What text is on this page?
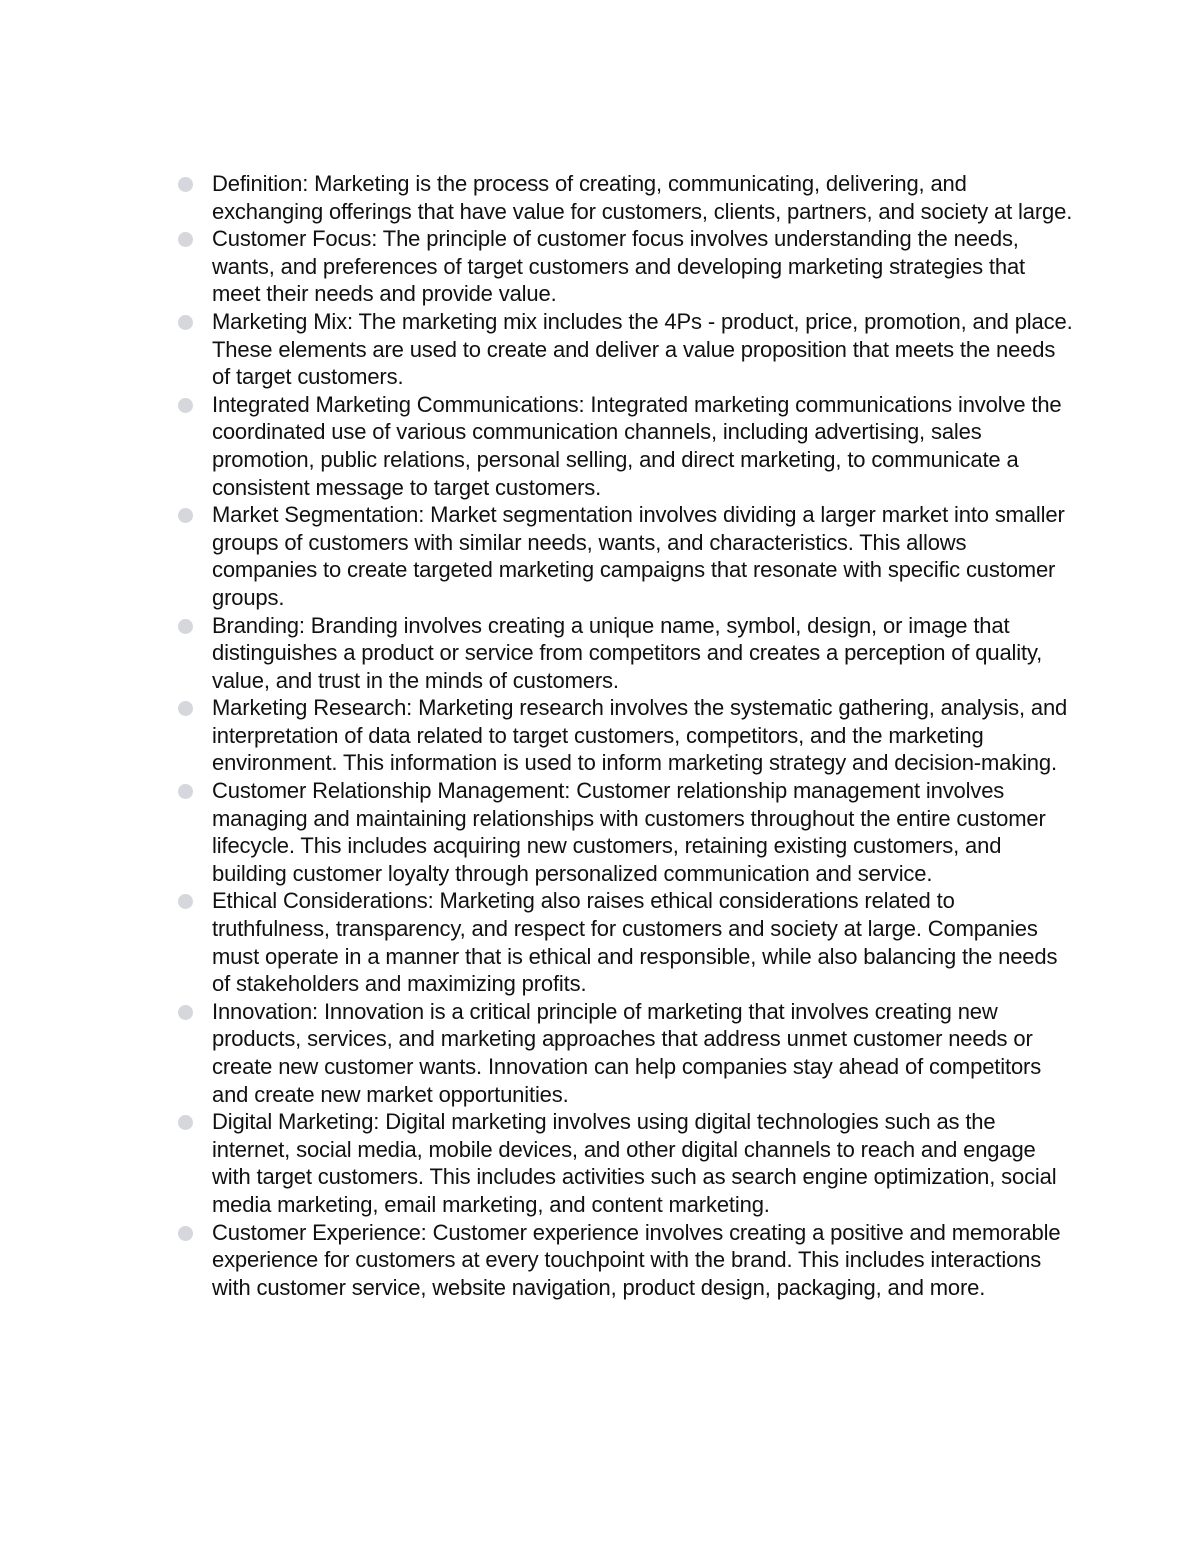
Definition: Marketing is the process of creating, communicating, delivering, and exchanging offerings that have value for customers, clients, partners, and society at large.
Customer Focus: The principle of customer focus involves understanding the needs, wants, and preferences of target customers and developing marketing strategies that meet their needs and provide value.
Marketing Mix: The marketing mix includes the 4Ps - product, price, promotion, and place. These elements are used to create and deliver a value proposition that meets the needs of target customers.
Integrated Marketing Communications: Integrated marketing communications involve the coordinated use of various communication channels, including advertising, sales promotion, public relations, personal selling, and direct marketing, to communicate a consistent message to target customers.
Market Segmentation: Market segmentation involves dividing a larger market into smaller groups of customers with similar needs, wants, and characteristics. This allows companies to create targeted marketing campaigns that resonate with specific customer groups.
Branding: Branding involves creating a unique name, symbol, design, or image that distinguishes a product or service from competitors and creates a perception of quality, value, and trust in the minds of customers.
Marketing Research: Marketing research involves the systematic gathering, analysis, and interpretation of data related to target customers, competitors, and the marketing environment. This information is used to inform marketing strategy and decision-making.
Customer Relationship Management: Customer relationship management involves managing and maintaining relationships with customers throughout the entire customer lifecycle. This includes acquiring new customers, retaining existing customers, and building customer loyalty through personalized communication and service.
Ethical Considerations: Marketing also raises ethical considerations related to truthfulness, transparency, and respect for customers and society at large. Companies must operate in a manner that is ethical and responsible, while also balancing the needs of stakeholders and maximizing profits.
Innovation: Innovation is a critical principle of marketing that involves creating new products, services, and marketing approaches that address unmet customer needs or create new customer wants. Innovation can help companies stay ahead of competitors and create new market opportunities.
Digital Marketing: Digital marketing involves using digital technologies such as the internet, social media, mobile devices, and other digital channels to reach and engage with target customers. This includes activities such as search engine optimization, social media marketing, email marketing, and content marketing.
Customer Experience: Customer experience involves creating a positive and memorable experience for customers at every touchpoint with the brand. This includes interactions with customer service, website navigation, product design, packaging, and more.
